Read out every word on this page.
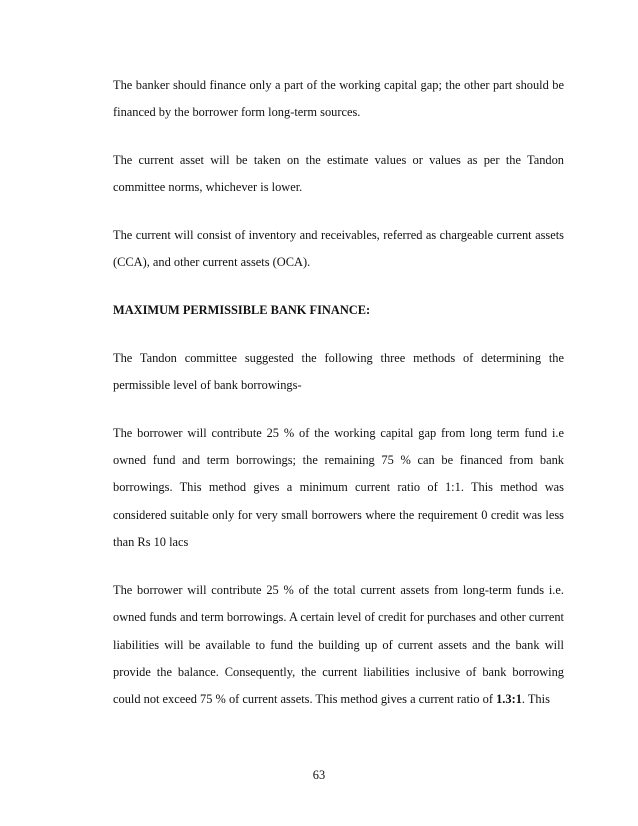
The banker should finance only a part of the working capital gap; the other part should be financed by the borrower form long-term sources.

The current asset will be taken on the estimate values or values as per the Tandon committee norms, whichever is lower.

The current will consist of inventory and receivables, referred as chargeable current assets (CCA), and other current assets (OCA).

MAXIMUM PERMISSIBLE BANK FINANCE:

The Tandon committee suggested the following three methods of determining the permissible level of bank borrowings-

The borrower will contribute 25 % of the working capital gap from long term fund i.e owned fund and term borrowings; the remaining 75 % can be financed from bank borrowings. This method gives a minimum current ratio of 1:1. This method was considered suitable only for very small borrowers where the requirement 0 credit was less than Rs 10 lacs

The borrower will contribute 25 % of the total current assets from long-term funds i.e. owned funds and term borrowings. A certain level of credit for purchases and other current liabilities will be available to fund the building up of current assets and the bank will provide the balance. Consequently, the current liabilities inclusive of bank borrowing could not exceed 75 % of current assets. This method gives a current ratio of 1.3:1. This

63
